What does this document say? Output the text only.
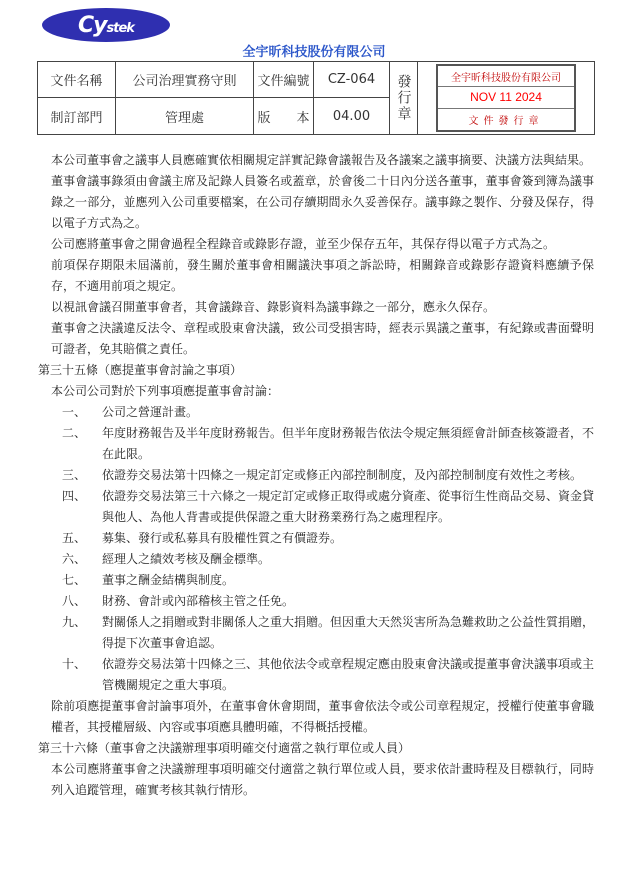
Cystek
全宇昕科技股份有限公司
文件名稱	公司治理實務守則	文件編號	CZ-064	發行章	全宇昕科技股份有限公司
NOV 11 2024
文件發行章
制訂部門	管理處	版　　本	04.00

本公司董事會之議事人員應確實依相關規定詳實記錄會議報告及各議案之議事摘要、決議方法與結果。

董事會議事錄須由會議主席及記錄人員簽名或蓋章，於會後二十日內分送各董事，董事會簽到簿為議事錄之一部分，並應列入公司重要檔案，在公司存續期間永久妥善保存。議事錄之製作、分發及保存，得以電子方式為之。

公司應將董事會之開會過程全程錄音或錄影存證，並至少保存五年，其保存得以電子方式為之。

前項保存期限未屆滿前，發生關於董事會相關議決事項之訴訟時，相關錄音或錄影存證資料應續予保存，不適用前項之規定。

以視訊會議召開董事會者，其會議錄音、錄影資料為議事錄之一部分，應永久保存。

董事會之決議違反法令、章程或股東會決議，致公司受損害時，經表示異議之董事，有紀錄或書面聲明可證者，免其賠償之責任。

第三十五條（應提董事會討論之事項）

本公司公司對於下列事項應提董事會討論：

一、	公司之營運計畫。
二、	年度財務報告及半年度財務報告。但半年度財務報告依法令規定無須經會計師查核簽證者，不在此限。
三、	依證券交易法第十四條之一規定訂定或修正內部控制制度，及內部控制制度有效性之考核。
四、	依證券交易法第三十六條之一規定訂定或修正取得或處分資產、從事衍生性商品交易、資金貸與他人、為他人背書或提供保證之重大財務業務行為之處理程序。
五、	募集、發行或私募具有股權性質之有價證券。
六、	經理人之績效考核及酬金標準。
七、	董事之酬金結構與制度。
八、	財務、會計或內部稽核主管之任免。
九、	對關係人之捐贈或對非關係人之重大捐贈。但因重大天然災害所為急難救助之公益性質捐贈，得提下次董事會追認。
十、	依證券交易法第十四條之三、其他依法令或章程規定應由股東會決議或提董事會決議事項或主管機關規定之重大事項。

除前項應提董事會討論事項外，在董事會休會期間，董事會依法令或公司章程規定，授權行使董事會職權者，其授權層級、內容或事項應具體明確，不得概括授權。

第三十六條（董事會之決議辦理事項明確交付適當之執行單位或人員）

本公司應將董事會之決議辦理事項明確交付適當之執行單位或人員，要求依計畫時程及目標執行，同時列入追蹤管理，確實考核其執行情形。
